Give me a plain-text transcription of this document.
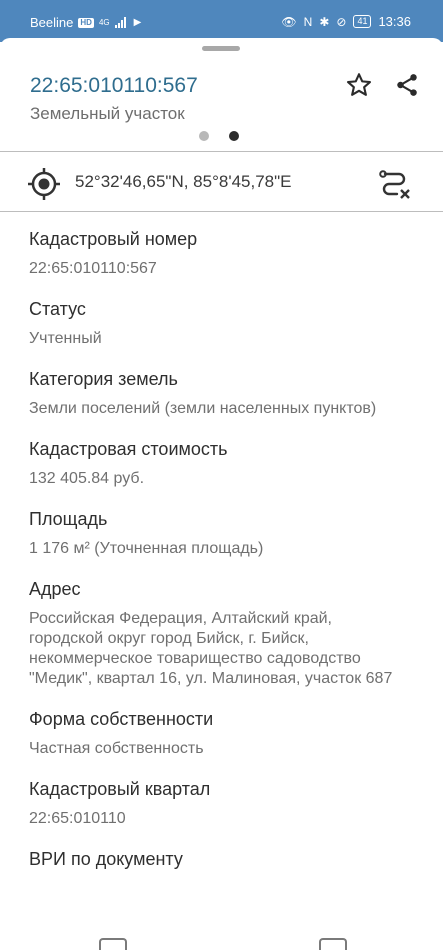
Beeline HD 4G ▶	👁 N ✱ ⊘	41 13:36
22:65:010110:567
Земельный участок
52°32'46,65"N, 85°8'45,78"E
Кадастровый номер
22:65:010110:567
Статус
Учтенный
Категория земель
Земли поселений (земли населенных пунктов)
Кадастровая стоимость
132 405.84 руб.
Площадь
1 176 м² (Уточненная площадь)
Адрес
Российская Федерация, Алтайский край,
городской округ город Бийск, г. Бийск,
некоммерческое товарищество садоводство
"Медик", квартал 16, ул. Малиновая, участок 687
Форма собственности
Частная собственность
Кадастровый квартал
22:65:010110
ВРИ по документу
